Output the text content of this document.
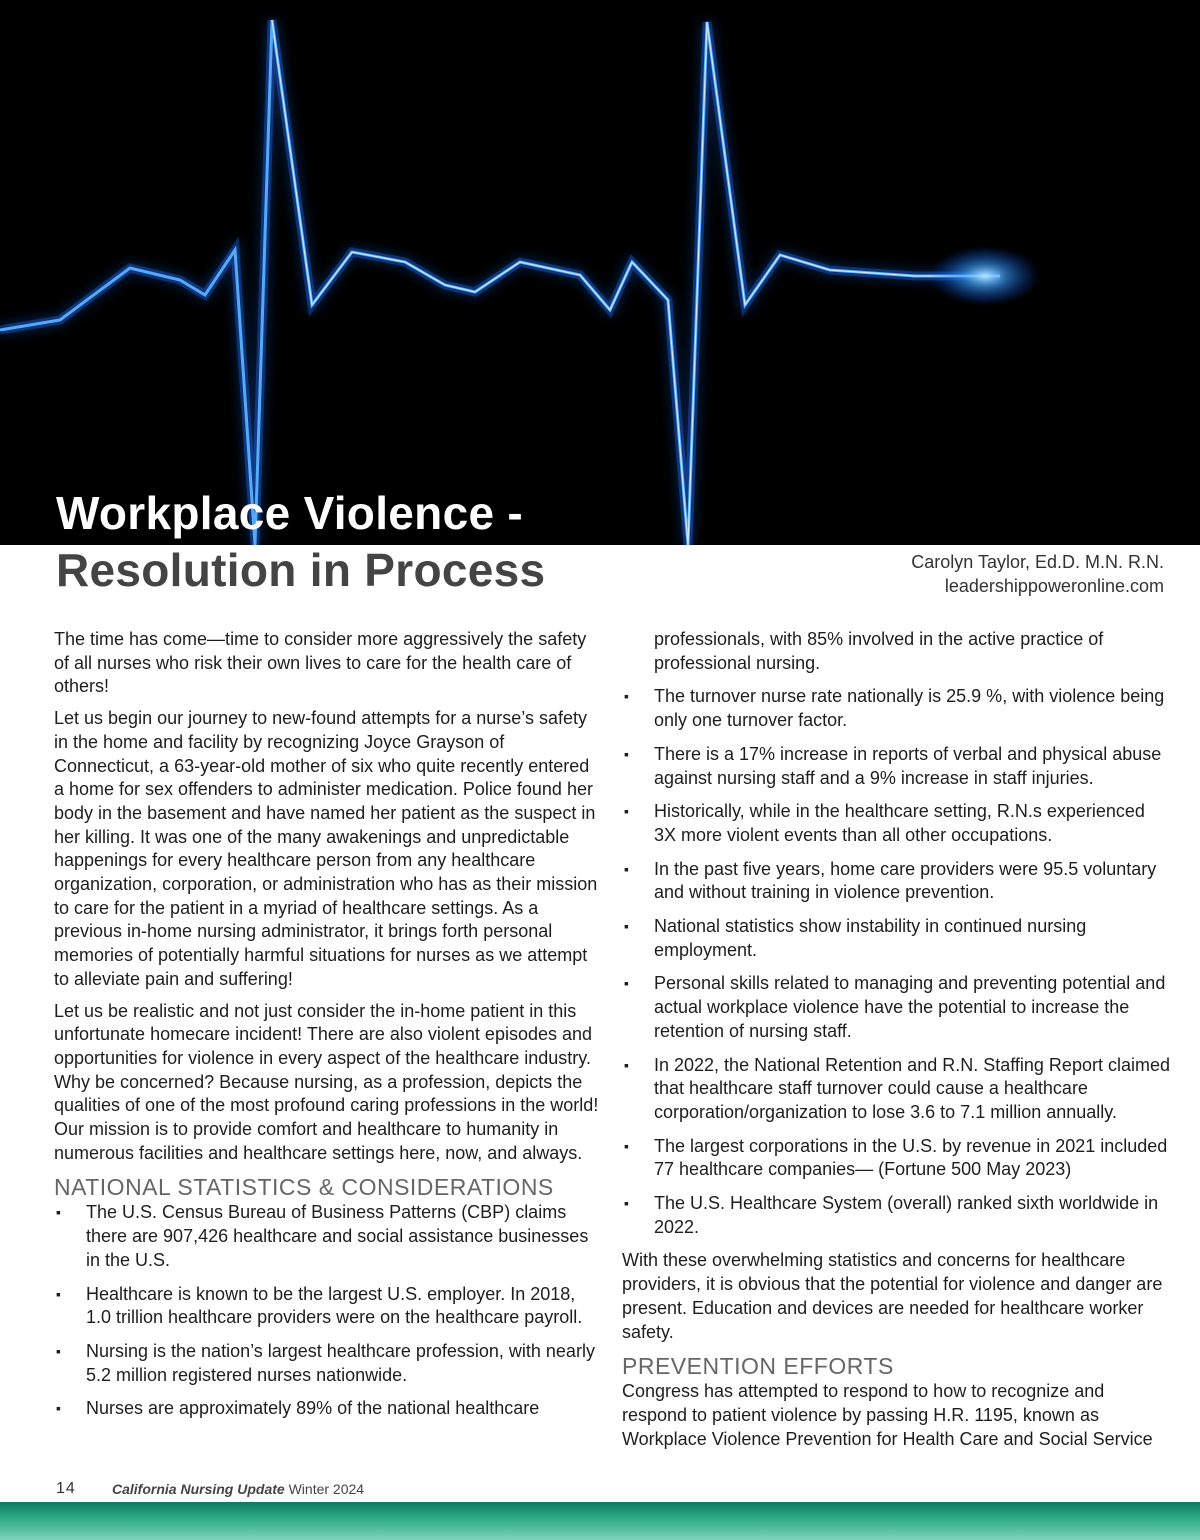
Workplace Violence -
Resolution in Process	Carolyn Taylor, Ed.D. M.N. R.N.
leadershippoweronline.com

The time has come—time to consider more aggressively the safety of all nurses who risk their own lives to care for the health care of others!

Let us begin our journey to new-found attempts for a nurse’s safety in the home and facility by recognizing Joyce Grayson of Connecticut, a 63-year-old mother of six who quite recently entered a home for sex offenders to administer medication. Police found her body in the basement and have named her patient as the suspect in her killing. It was one of the many awakenings and unpredictable happenings for every healthcare person from any healthcare organization, corporation, or administration who has as their mission to care for the patient in a myriad of healthcare settings. As a previous in-home nursing administrator, it brings forth personal memories of potentially harmful situations for nurses as we attempt to alleviate pain and suffering!

Let us be realistic and not just consider the in-home patient in this unfortunate homecare incident! There are also violent episodes and opportunities for violence in every aspect of the healthcare industry. Why be concerned? Because nursing, as a profession, depicts the qualities of one of the most profound caring professions in the world! Our mission is to provide comfort and healthcare to humanity in numerous facilities and healthcare settings here, now, and always.

NATIONAL STATISTICS & CONSIDERATIONS
▪ The U.S. Census Bureau of Business Patterns (CBP) claims there are 907,426 healthcare and social assistance businesses in the U.S.
▪ Healthcare is known to be the largest U.S. employer. In 2018, 1.0 trillion healthcare providers were on the healthcare payroll.
▪ Nursing is the nation’s largest healthcare profession, with nearly 5.2 million registered nurses nationwide.
▪ Nurses are approximately 89% of the national healthcare
professionals, with 85% involved in the active practice of professional nursing.
▪ The turnover nurse rate nationally is 25.9 %, with violence being only one turnover factor.
▪ There is a 17% increase in reports of verbal and physical abuse against nursing staff and a 9% increase in staff injuries.
▪ Historically, while in the healthcare setting, R.N.s experienced 3X more violent events than all other occupations.
▪ In the past five years, home care providers were 95.5 voluntary and without training in violence prevention.
▪ National statistics show instability in continued nursing employment.
▪ Personal skills related to managing and preventing potential and actual workplace violence have the potential to increase the retention of nursing staff.
▪ In 2022, the National Retention and R.N. Staffing Report claimed that healthcare staff turnover could cause a healthcare corporation/organization to lose 3.6 to 7.1 million annually.
▪ The largest corporations in the U.S. by revenue in 2021 included 77 healthcare companies— (Fortune 500 May 2023)
▪ The U.S. Healthcare System (overall) ranked sixth worldwide in 2022.

With these overwhelming statistics and concerns for healthcare providers, it is obvious that the potential for violence and danger are present. Education and devices are needed for healthcare worker safety.

PREVENTION EFFORTS

Congress has attempted to respond to how to recognize and respond to patient violence by passing H.R. 1195, known as Workplace Violence Prevention for Health Care and Social Service

14	California Nursing Update Winter 2024
